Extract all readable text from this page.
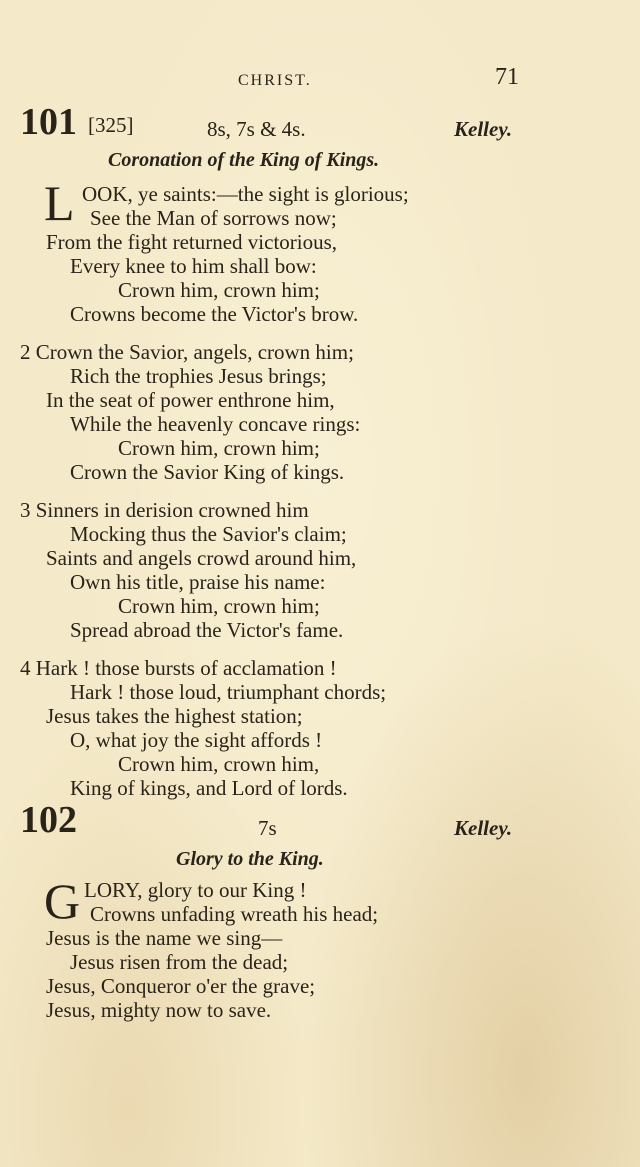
CHRIST.	71
101 [325]	8s, 7s & 4s.	Kelley.
Coronation of the King of Kings.
L OOK, ye saints:—the sight is glorious;
See the Man of sorrows now;
From the fight returned victorious,
Every knee to him shall bow:
Crown him, crown him;
Crowns become the Victor's brow.
2 Crown the Savior, angels, crown him;
Rich the trophies Jesus brings;
In the seat of power enthrone him,
While the heavenly concave rings:
Crown him, crown him;
Crown the Savior King of kings.
3 Sinners in derision crowned him
Mocking thus the Savior's claim;
Saints and angels crowd around him,
Own his title, praise his name:
Crown him, crown him;
Spread abroad the Victor's fame.
4 Hark ! those bursts of acclamation !
Hark ! those loud, triumphant chords;
Jesus takes the highest station;
O, what joy the sight affords !
Crown him, crown him,
King of kings, and Lord of lords.
102	7s	Kelley.
Glory to the King.
G LORY, glory to our King !
Crowns unfading wreath his head;
Jesus is the name we sing—
Jesus risen from the dead;
Jesus, Conqueror o'er the grave;
Jesus, mighty now to save.
